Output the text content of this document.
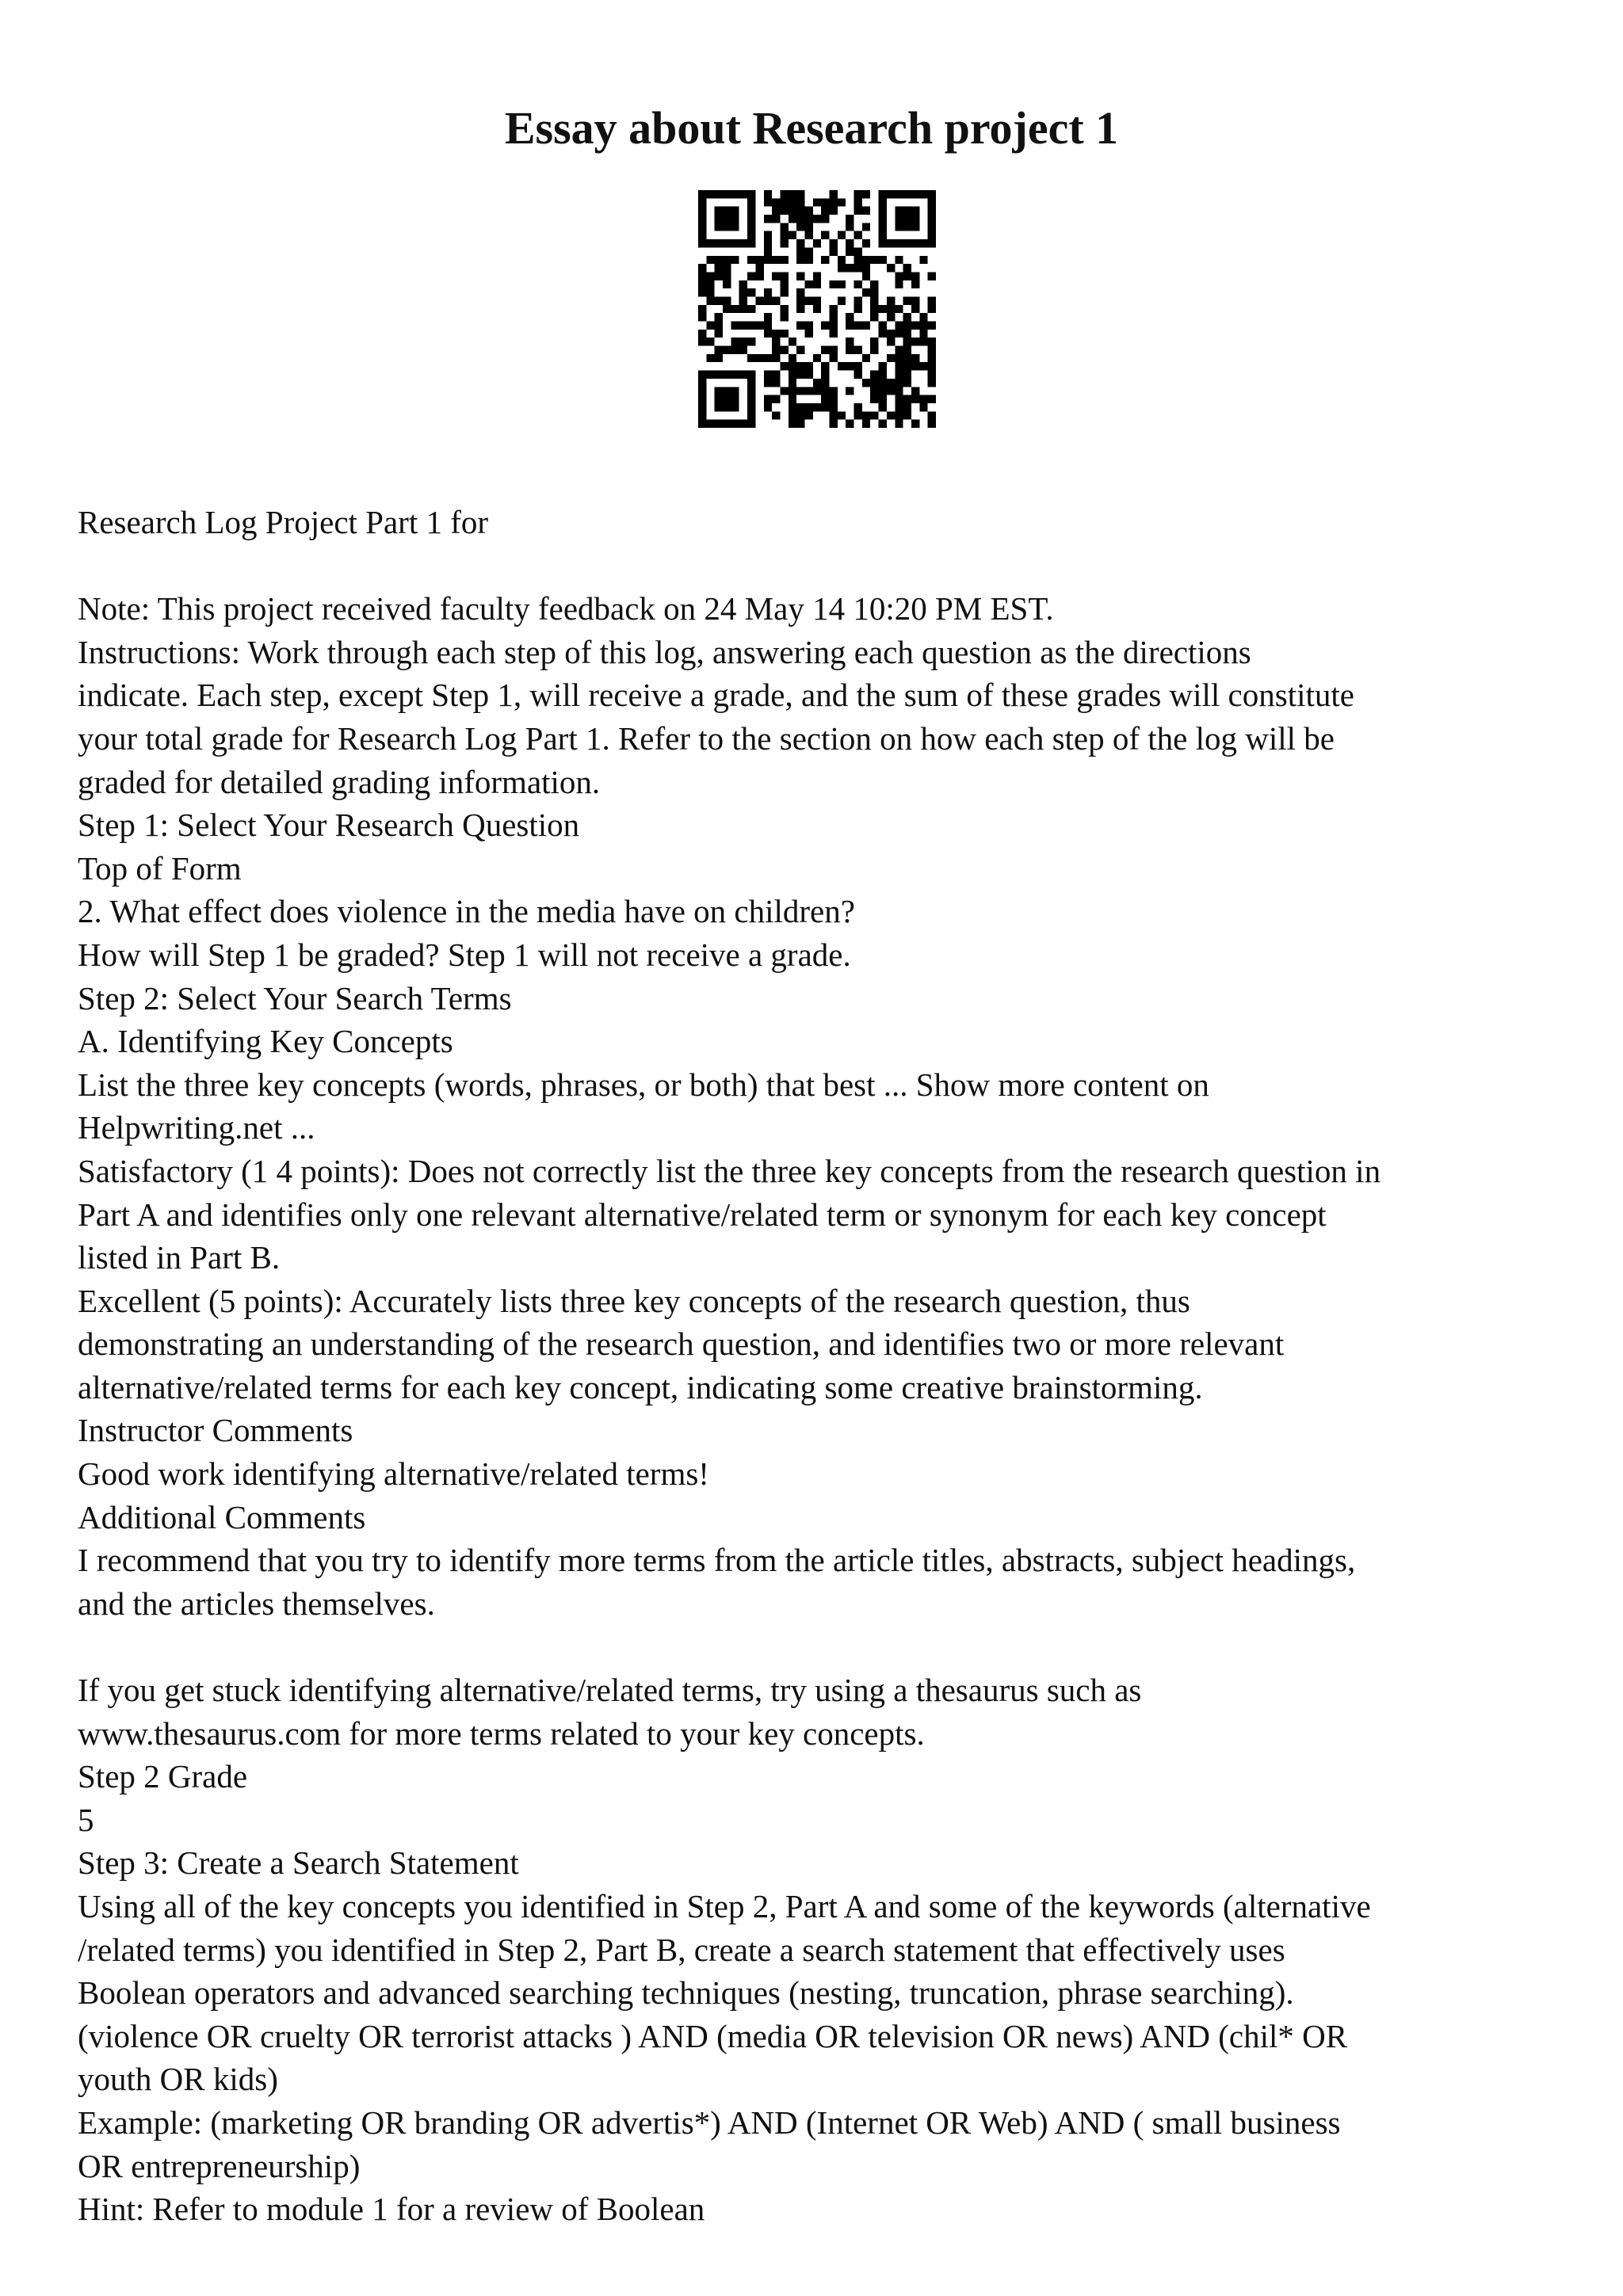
Essay about Research project 1
Research Log Project Part 1 for
Note: This project received faculty feedback on 24 May 14 10:20 PM EST.
Instructions: Work through each step of this log, answering each question as the directions
indicate. Each step, except Step 1, will receive a grade, and the sum of these grades will constitute
your total grade for Research Log Part 1. Refer to the section on how each step of the log will be
graded for detailed grading information.
Step 1: Select Your Research Question
Top of Form
2. What effect does violence in the media have on children?
How will Step 1 be graded? Step 1 will not receive a grade.
Step 2: Select Your Search Terms
A. Identifying Key Concepts
List the three key concepts (words, phrases, or both) that best ... Show more content on
Helpwriting.net ...
Satisfactory (1 4 points): Does not correctly list the three key concepts from the research question in
Part A and identifies only one relevant alternative/related term or synonym for each key concept
listed in Part B.
Excellent (5 points): Accurately lists three key concepts of the research question, thus
demonstrating an understanding of the research question, and identifies two or more relevant
alternative/related terms for each key concept, indicating some creative brainstorming.
Instructor Comments
Good work identifying alternative/related terms!
Additional Comments
I recommend that you try to identify more terms from the article titles, abstracts, subject headings,
and the articles themselves.
If you get stuck identifying alternative/related terms, try using a thesaurus such as
www.thesaurus.com for more terms related to your key concepts.
Step 2 Grade
5
Step 3: Create a Search Statement
Using all of the key concepts you identified in Step 2, Part A and some of the keywords (alternative
/related terms) you identified in Step 2, Part B, create a search statement that effectively uses
Boolean operators and advanced searching techniques (nesting, truncation, phrase searching).
(violence OR cruelty OR terrorist attacks ) AND (media OR television OR news) AND (chil* OR
youth OR kids)
Example: (marketing OR branding OR advertis*) AND (Internet OR Web) AND ( small business
OR entrepreneurship)
Hint: Refer to module 1 for a review of Boolean
